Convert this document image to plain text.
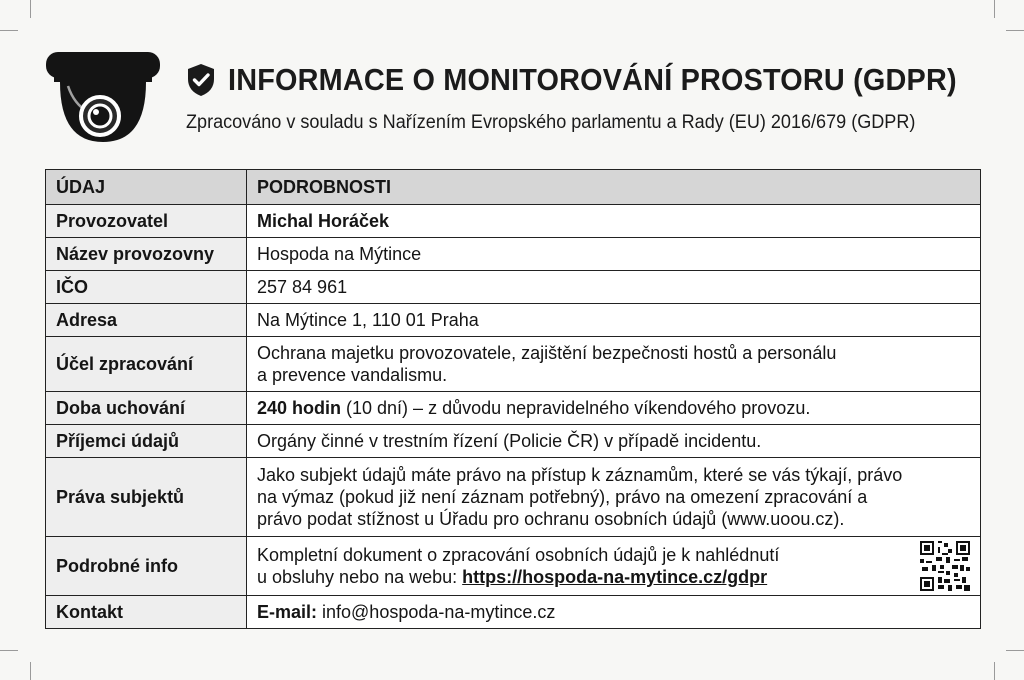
INFORMACE O MONITOROVÁNÍ PROSTORU (GDPR)
Zpracováno v souladu s Nařízením Evropského parlamentu a Rady (EU) 2016/679 (GDPR)
ÚDAJ	PODROBNOSTI
Provozovatel	Michal Horáček
Název provozovny	Hospoda na Mýtince
IČO	257 84 961
Adresa	Na Mýtince 1, 110 01 Praha
Účel zpracování	Ochrana majetku provozovatele, zajištění bezpečnosti hostů a personálu
a prevence vandalismu.

Doba uchování	240 hodin (10 dní) – z důvodu nepravidelného víkendového provozu.
Příjemci údajů	Orgány činné v trestním řízení (Policie ČR) v případě incidentu.
Práva subjektů	Jako subjekt údajů máte právo na přístup k záznamům, které se vás týkají, právo
na výmaz (pokud již není záznam potřebný), právo na omezení zpracování a
právo podat stížnost u Úřadu pro ochranu osobních údajů (www.uoou.cz).

Podrobné info	Kompletní dokument o zpracování osobních údajů je k nahlédnutí
u obsluhy nebo na webu: https://hospoda-na-mytince.cz/gdpr

Kontakt	E-mail: info@hospoda-na-mytince.cz
